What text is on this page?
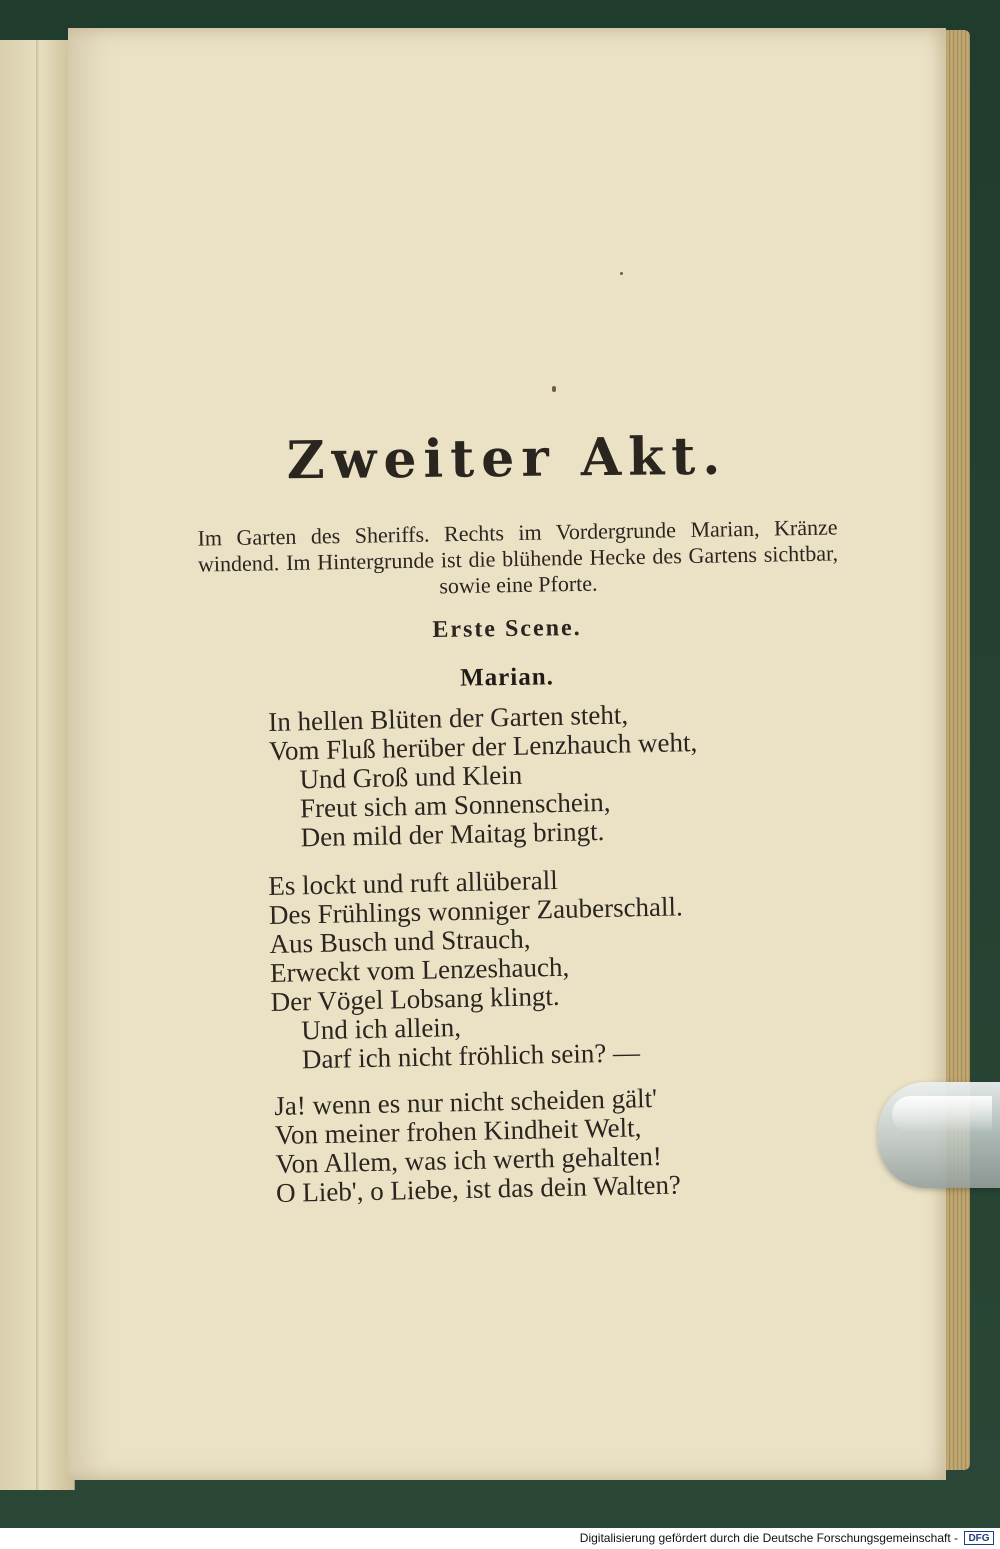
Zweiter Akt.
Im Garten des Sheriffs. Rechts im Vordergrunde Marian, Kränze windend. Im Hintergrunde ist die blühende Hecke des Gartens sichtbar, sowie eine Pforte.
Erste Scene.
Marian.
In hellen Blüten der Garten steht,
Vom Fluß herüber der Lenzhauch weht,
Und Groß und Klein
Freut sich am Sonnenschein,
Den mild der Maitag bringt.
Es lockt und ruft allüberall
Des Frühlings wonniger Zauberschall.
Aus Busch und Strauch,
Erweckt vom Lenzeshauch,
Der Vögel Lobsang klingt.
Und ich allein,
Darf ich nicht fröhlich sein? —
Ja! wenn es nur nicht scheiden gält'
Von meiner frohen Kindheit Welt,
Von Allem, was ich werth gehalten!
O Lieb', o Liebe, ist das dein Walten?
Digitalisierung gefördert durch die Deutsche Forschungsgemeinschaft -	DFG
